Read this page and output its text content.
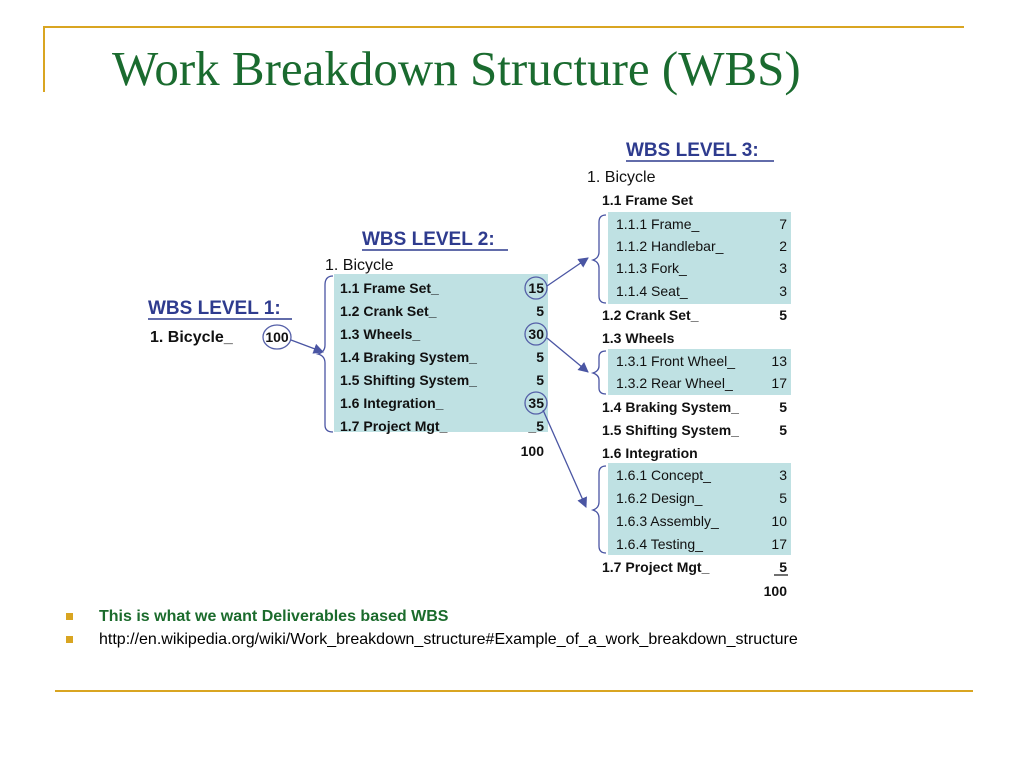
Work Breakdown Structure (WBS)
WBS LEVEL 1:
1. Bicycle_ 100
WBS LEVEL 2:
1. Bicycle
1.1 Frame Set_	15
1.2 Crank Set_	5
1.3 Wheels_	30
1.4 Braking System_	5
1.5 Shifting System_	5
1.6 Integration_	35
1.7 Project Mgt_	_5
100
WBS LEVEL 3:
1. Bicycle
1.1 Frame Set
1.1.1 Frame_	7
1.1.2 Handlebar_	2
1.1.3 Fork_	3
1.1.4 Seat_	3
1.2 Crank Set_	5
1.3 Wheels
1.3.1 Front Wheel_	13
1.3.2 Rear Wheel_	17
1.4 Braking System_	5
1.5 Shifting System_	5
1.6 Integration
1.6.1 Concept_	3
1.6.2 Design_	5
1.6.3 Assembly_	10
1.6.4 Testing_	17
1.7 Project Mgt_	5
100
This is what we want Deliverables based WBS
http://en.wikipedia.org/wiki/Work_breakdown_structure#Example_of_a_work_breakdown_structure
